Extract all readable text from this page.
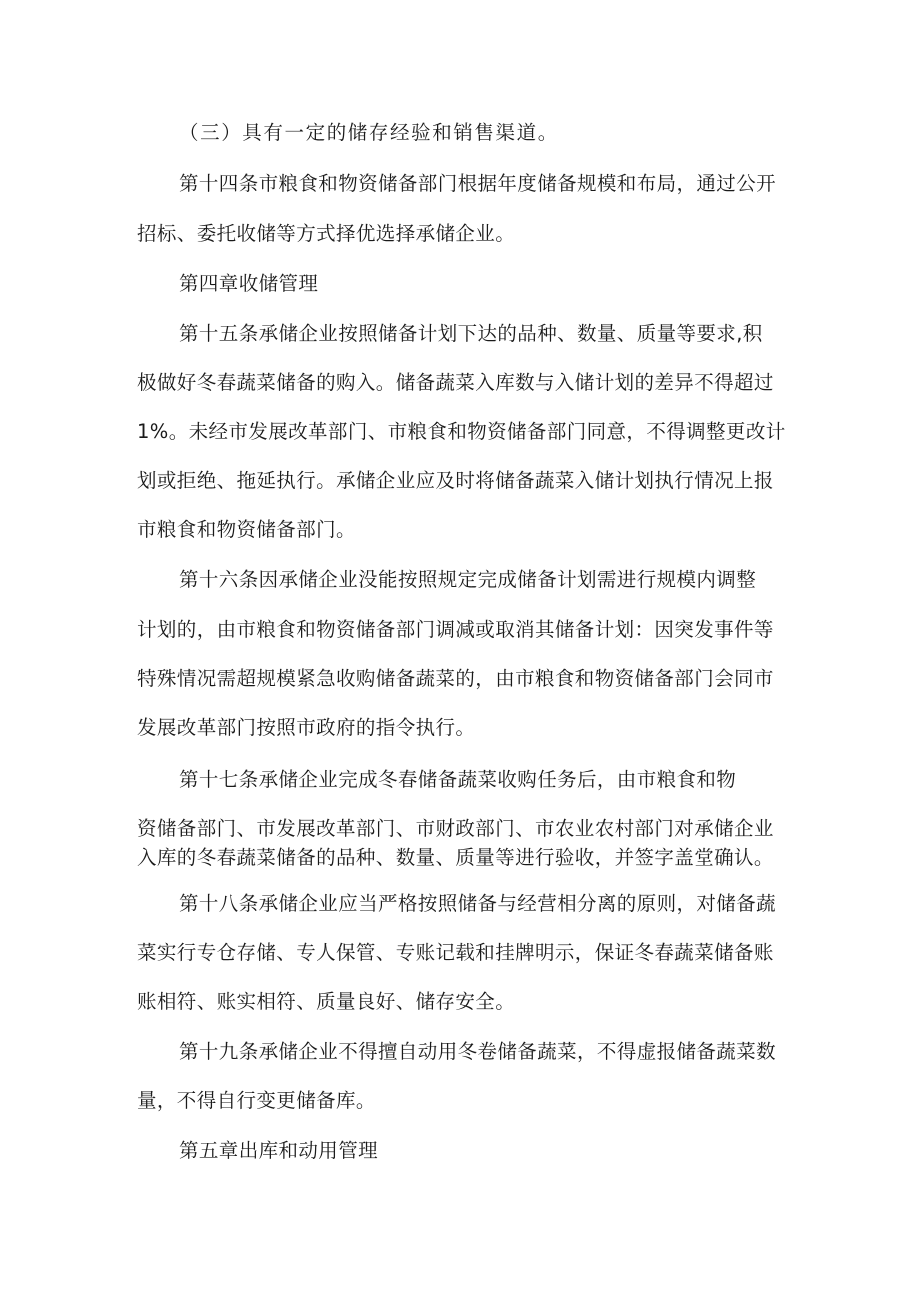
（三）具有一定的储存经验和销售渠道。
第十四条市粮食和物资储备部门根据年度储备规模和布局，通过公开
招标、委托收储等方式择优选择承储企业。
第四章收储管理
第十五条承储企业按照储备计划下达的品种、数量、质量等要求,积
极做好冬春蔬菜储备的购入。储备蔬菜入库数与入储计划的差异不得超过
1%。未经市发展改革部门、市粮食和物资储备部门同意，不得调整更改计
划或拒绝、拖延执行。承储企业应及时将储备蔬菜入储计划执行情况上报
市粮食和物资储备部门。
第十六条因承储企业没能按照规定完成储备计划需进行规模内调整
计划的，由市粮食和物资储备部门调减或取消其储备计划：因突发事件等
特殊情况需超规模紧急收购储备蔬菜的，由市粮食和物资储备部门会同市
发展改革部门按照市政府的指令执行。
第十七条承储企业完成冬春储备蔬菜收购任务后，由市粮食和物
资储备部门、市发展改革部门、市财政部门、市农业农村部门对承储企业
入库的冬春蔬菜储备的品种、数量、质量等进行验收，并签字盖堂确认。
第十八条承储企业应当严格按照储备与经营相分离的原则，对储备蔬
菜实行专仓存储、专人保管、专账记载和挂牌明示，保证冬春蔬菜储备账
账相符、账实相符、质量良好、储存安全。
第十九条承储企业不得擅自动用冬卷储备蔬菜，不得虚报储备蔬菜数
量，不得自行变更储备库。
第五章出库和动用管理
